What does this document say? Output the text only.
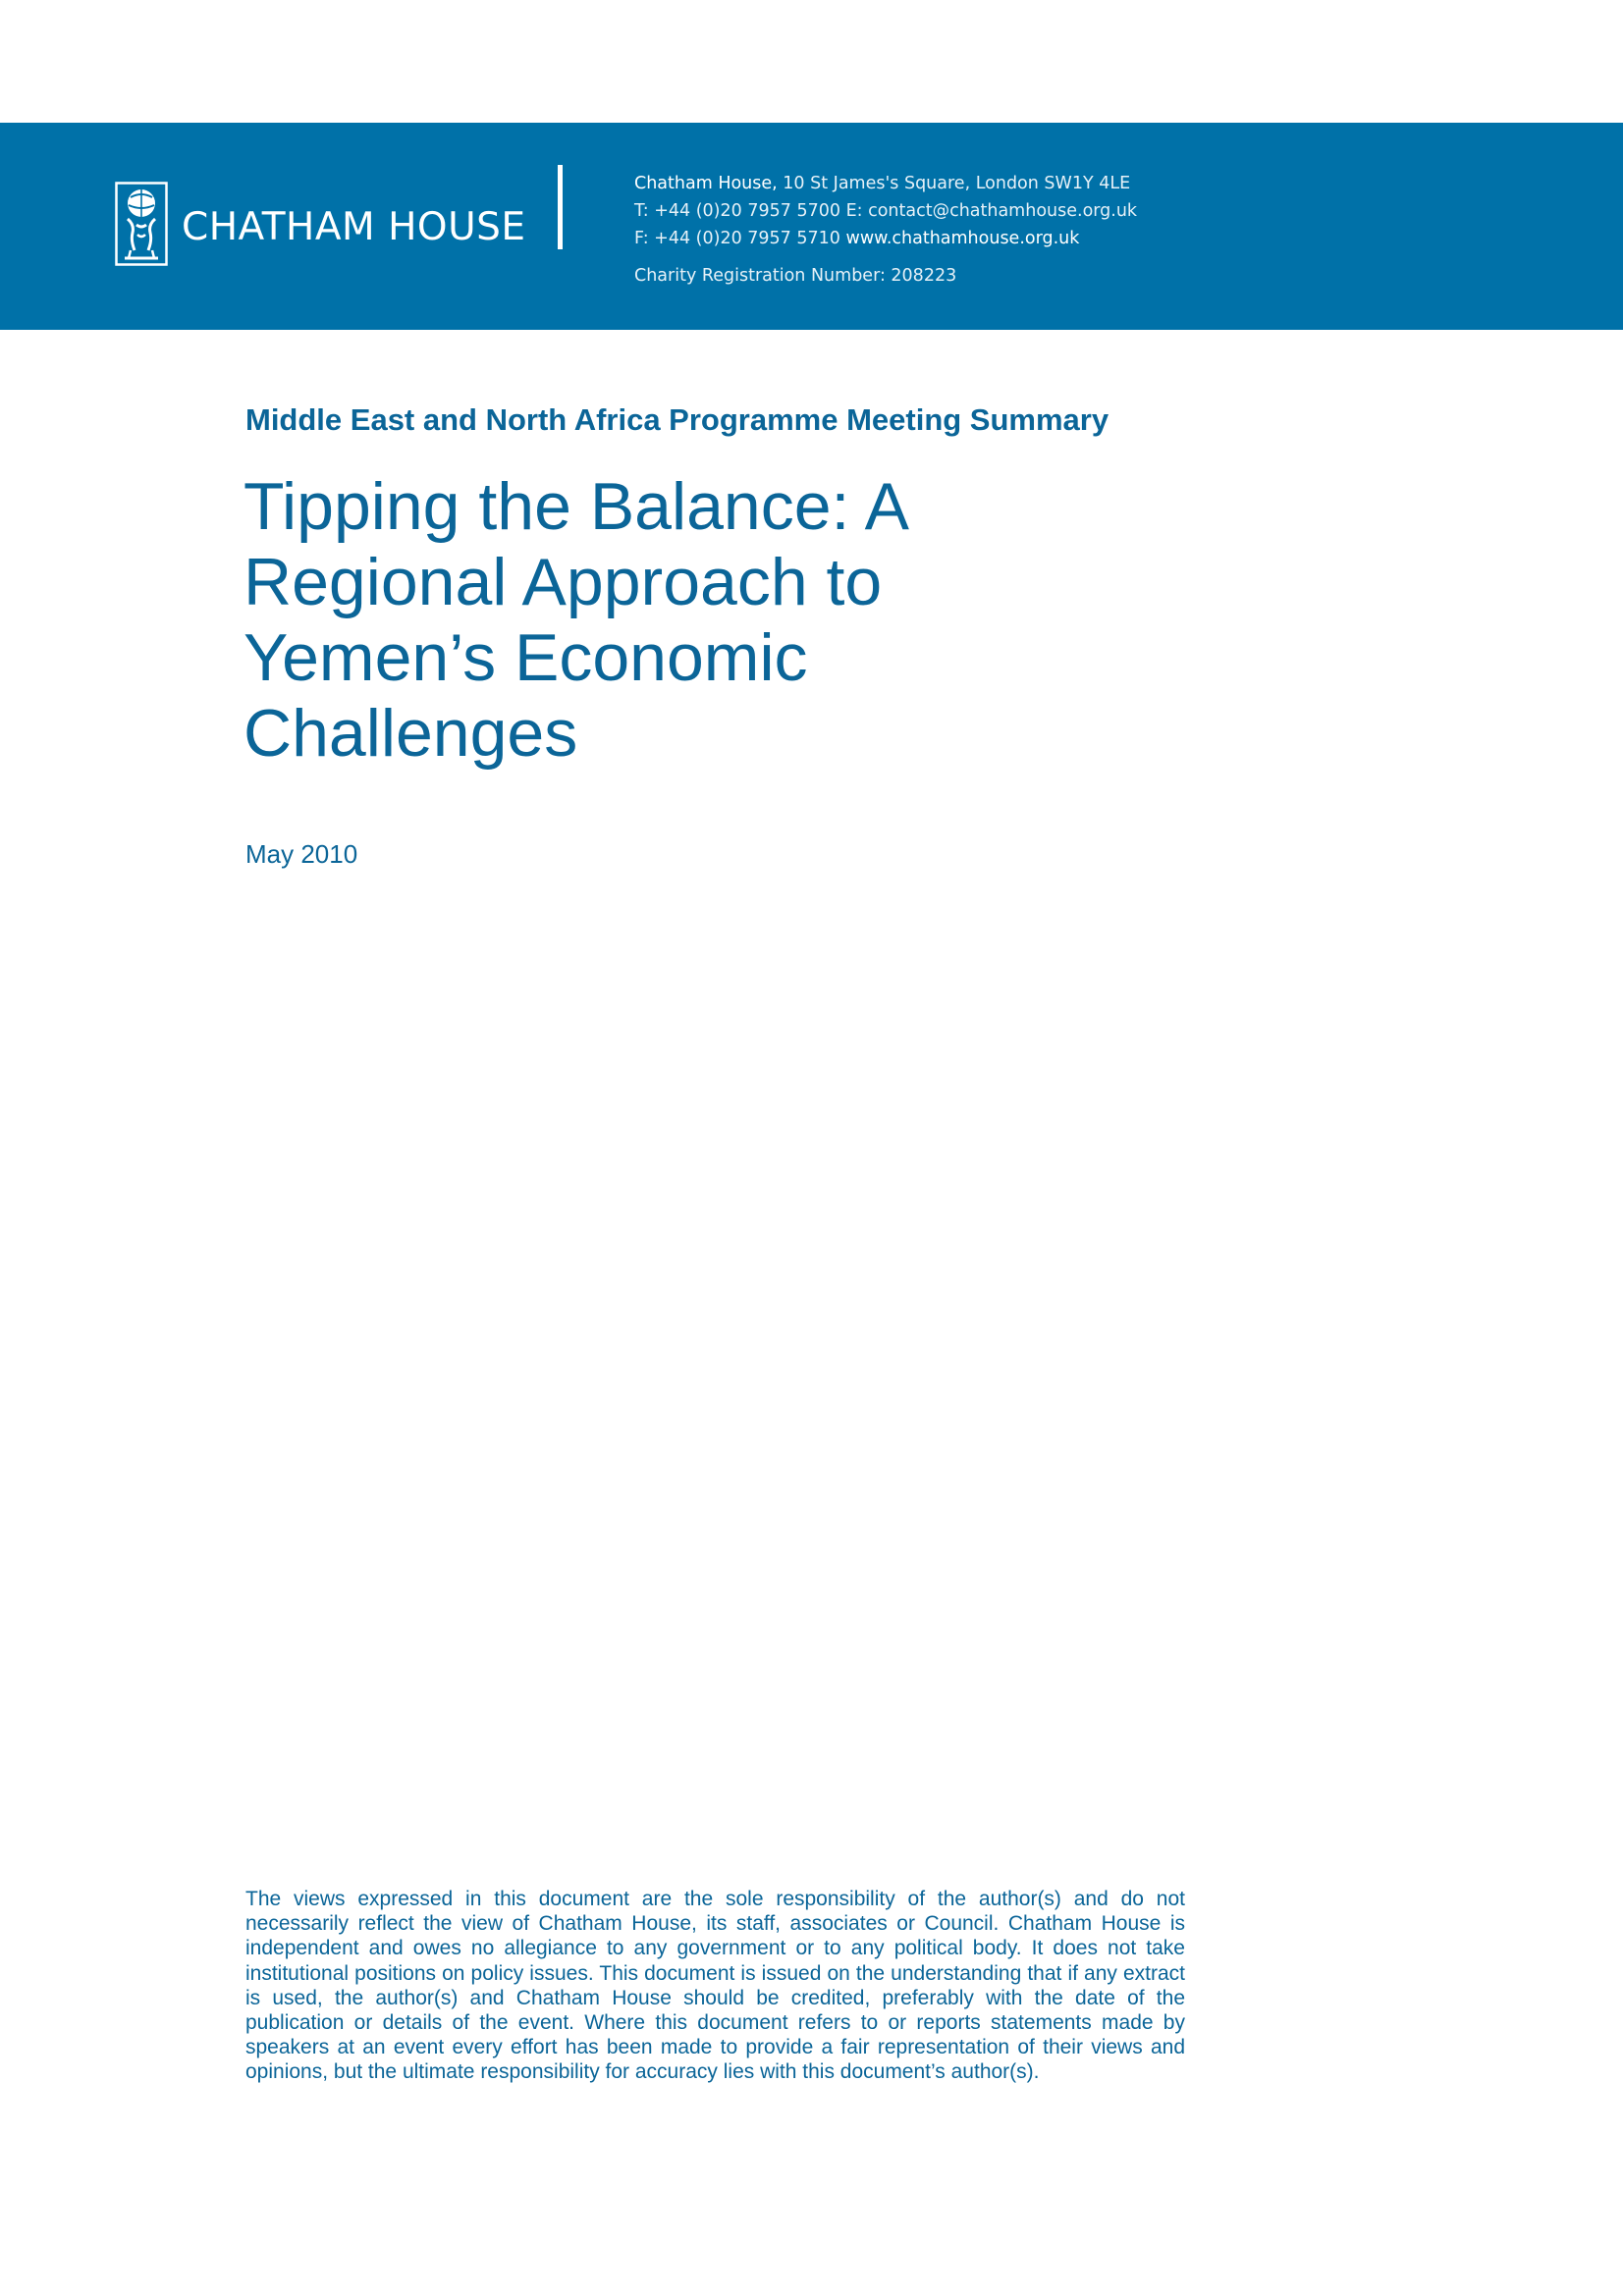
CHATHAM HOUSE
Chatham House, 10 St James's Square, London SW1Y 4LE
T: +44 (0)20 7957 5700 E: contact@chathamhouse.org.uk
F: +44 (0)20 7957 5710 www.chathamhouse.org.uk
Charity Registration Number: 208223
Middle East and North Africa Programme Meeting Summary
Tipping the Balance: A
Regional Approach to
Yemen’s Economic
Challenges
May 2010

The views expressed in this document are the sole responsibility of the author(s) and do not necessarily reflect the view of Chatham House, its staff, associates or Council. Chatham House is independent and owes no allegiance to any government or to any political body. It does not take institutional positions on policy issues. This document is issued on the understanding that if any extract is used, the author(s) and Chatham House should be credited, preferably with the date of the publication or details of the event. Where this document refers to or reports statements made by speakers at an event every effort has been made to provide a fair representation of their views and opinions, but the ultimate responsibility for accuracy lies with this document’s author(s).
